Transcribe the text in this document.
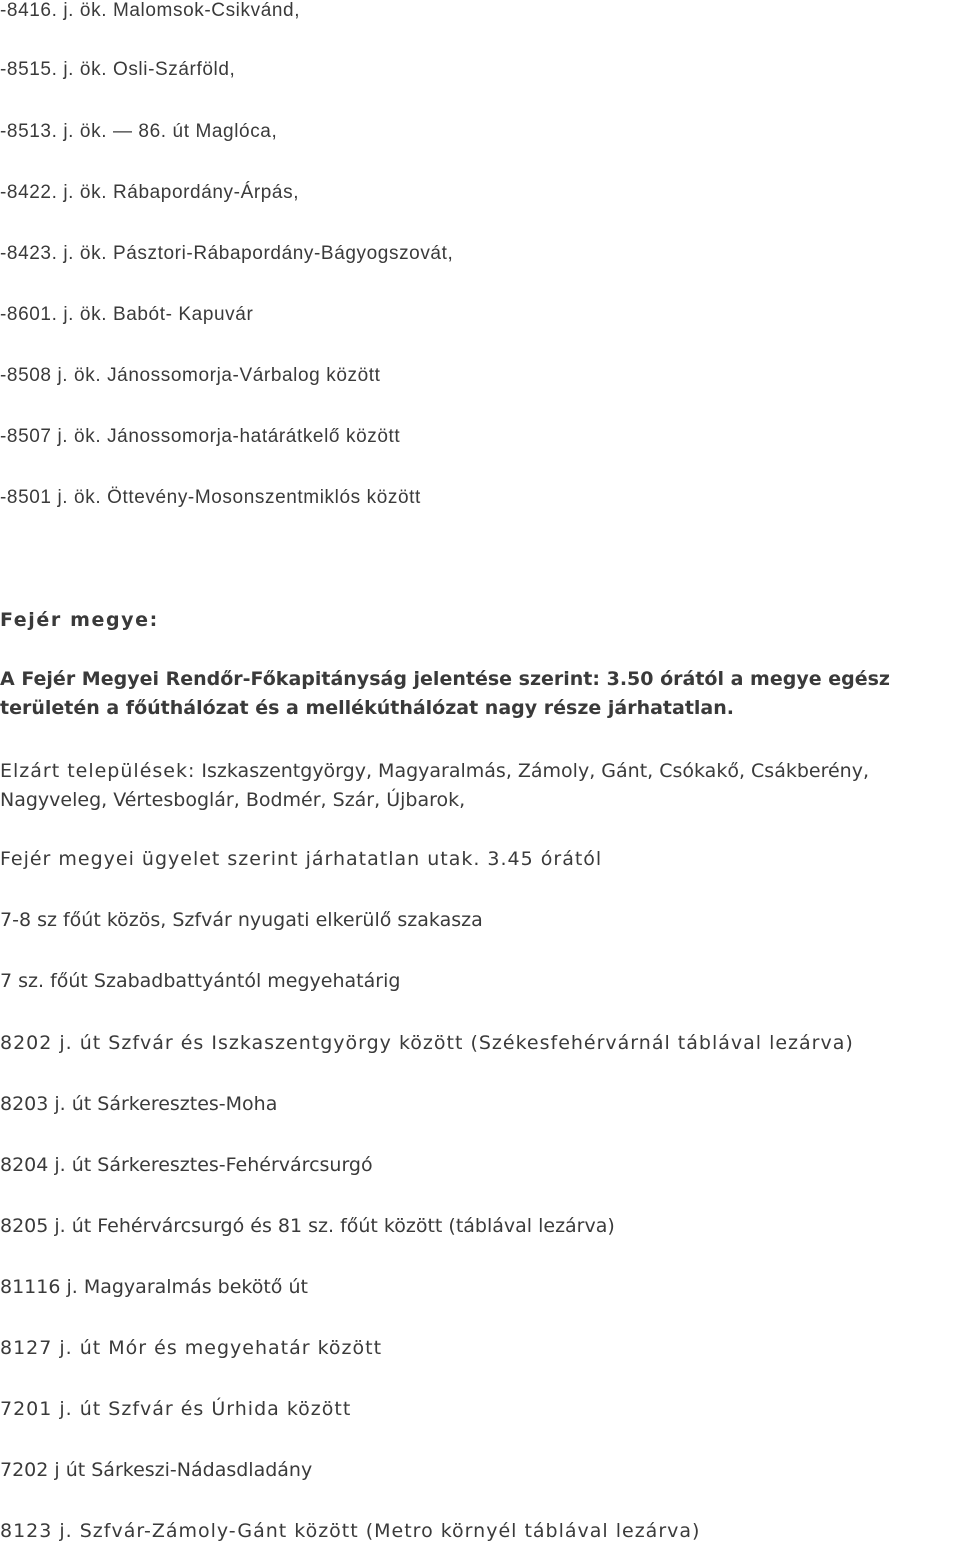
-8416. j. ök. Malomsok-Csikvánd,
-8515. j. ök. Osli-Szárföld,
-8513. j. ök. — 86. út Maglóca,
-8422. j. ök. Rábapordány-Árpás,
-8423. j. ök. Pásztori-Rábapordány-Bágyogszovát,
-8601. j. ök. Babót- Kapuvár
-8508 j. ök. Jánossomorja-Várbalog között
-8507 j. ök. Jánossomorja-határátkelő között
-8501 j. ök. Öttevény-Mosonszentmiklós között
Fejér megye:
A Fejér Megyei Rendőr-Főkapitányság jelentése szerint: 3.50 órától a megye egész területén a főúthálózat és a mellékúthálózat nagy része járhatatlan.
Elzárt települések: Iszkaszentgyörgy, Magyaralmás, Zámoly, Gánt, Csókakő, Csákberény, Nagyveleg, Vértesboglár, Bodmér, Szár, Újbarok,
Fejér megyei ügyelet szerint járhatatlan utak. 3.45 órától
7-8 sz főút közös, Szfvár nyugati elkerülő szakasza
7 sz. főút Szabadbattyántól megyehatárig
8202 j. út Szfvár és Iszkaszentgyörgy között (Székesfehérvárnál táblával lezárva)
8203 j. út Sárkeresztes-Moha
8204 j. út Sárkeresztes-Fehérvárcsurgó
8205 j. út Fehérvárcsurgó és 81 sz. főút között (táblával lezárva)
81116 j. Magyaralmás bekötő út
8127 j. út Mór és megyehatár között
7201 j. út Szfvár és Úrhida között
7202 j út Sárkeszi-Nádasdladány
8123 j. Szfvár-Zámoly-Gánt között (Metro környél táblával lezárva)
